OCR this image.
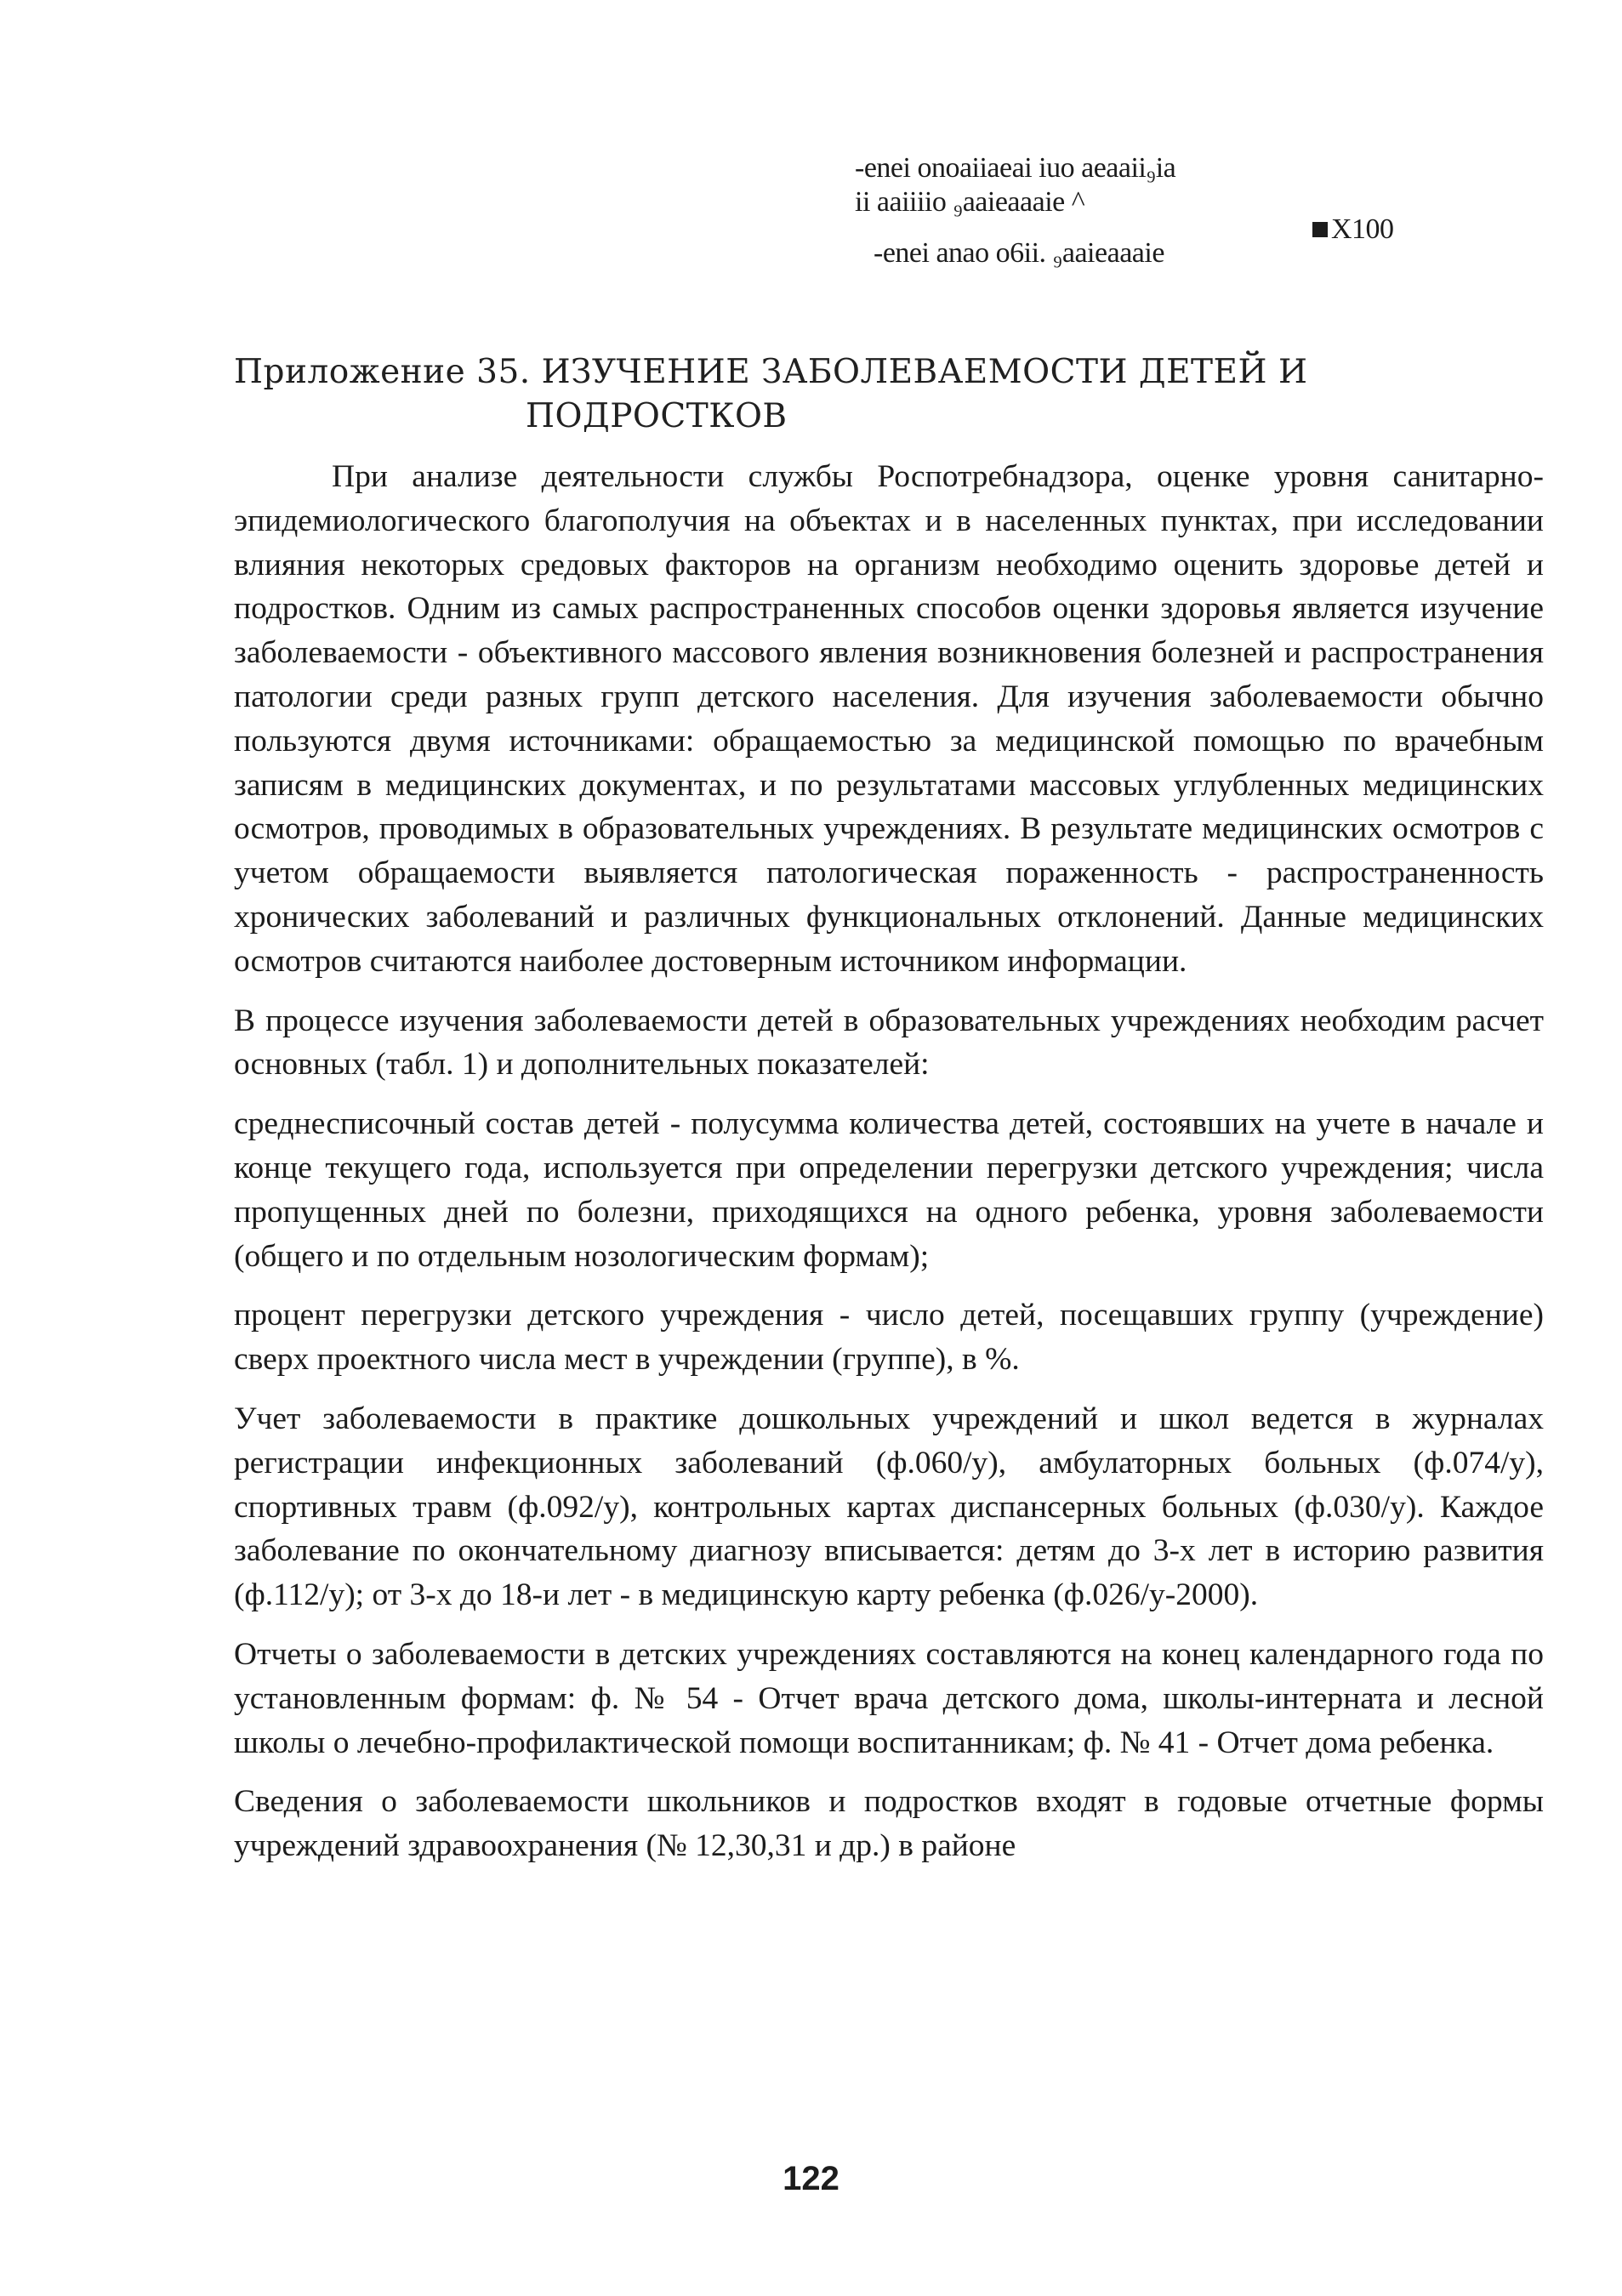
-enei onoaiiaeai iuo aeaaii₉ia
ii aaiiiio ₉aaieaaaie ^
-enei anao o6ii. ₉aaieaaaie
X100
Приложение 35. ИЗУЧЕНИЕ ЗАБОЛЕВАЕМОСТИ ДЕТЕЙ И
ПОДРОСТКОВ

При анализе деятельности службы Роспотребнадзора, оценке уровня санитарно-эпидемиологического благополучия на объектах и в населенных пунктах, при исследовании влияния некоторых средовых факторов на организм необходимо оценить здоровье детей и подростков. Одним из самых распространенных способов оценки здоровья является изучение заболеваемости - объективного массового явления возникновения болезней и распространения патологии среди разных групп детского населения. Для изучения заболеваемости обычно пользуются двумя источниками: обращаемостью за медицинской помощью по врачебным записям в медицинских документах, и по результатами массовых углубленных медицинских осмотров, проводимых в образовательных учреждениях. В результате медицинских осмотров с учетом обращаемости выявляется патологическая пораженность - распространенность хронических заболеваний и различных функциональных отклонений. Данные медицинских осмотров считаются наиболее достоверным источником информации.

В процессе изучения заболеваемости детей в образовательных учреждениях необходим расчет основных (табл. 1) и дополнительных показателей:

среднесписочный состав детей - полусумма количества детей, состоявших на учете в начале и конце текущего года, используется при определении перегрузки детского учреждения; числа пропущенных дней по болезни, приходящихся на одного ребенка, уровня заболеваемости (общего и по отдельным нозологическим формам);

процент перегрузки детского учреждения - число детей, посещавших группу (учреждение) сверх проектного числа мест в учреждении (группе), в %.

Учет заболеваемости в практике дошкольных учреждений и школ ведется в журналах регистрации инфекционных заболеваний (ф.060/у), амбулаторных больных (ф.074/у), спортивных травм (ф.092/у), контрольных картах диспансерных больных (ф.030/у). Каждое заболевание по окончательному диагнозу вписывается: детям до 3-х лет в историю развития (ф.112/у); от 3-х до 18-и лет - в медицинскую карту ребенка (ф.026/у-2000).

Отчеты о заболеваемости в детских учреждениях составляются на конец календарного года по установленным формам: ф. № 54 - Отчет врача детского дома, школы-интерната и лесной школы о лечебно-профилактической помощи воспитанникам; ф. № 41 - Отчет дома ребенка.

Сведения о заболеваемости школьников и подростков входят в годовые отчетные формы учреждений здравоохранения (№ 12,30,31 и др.) в районе

122
